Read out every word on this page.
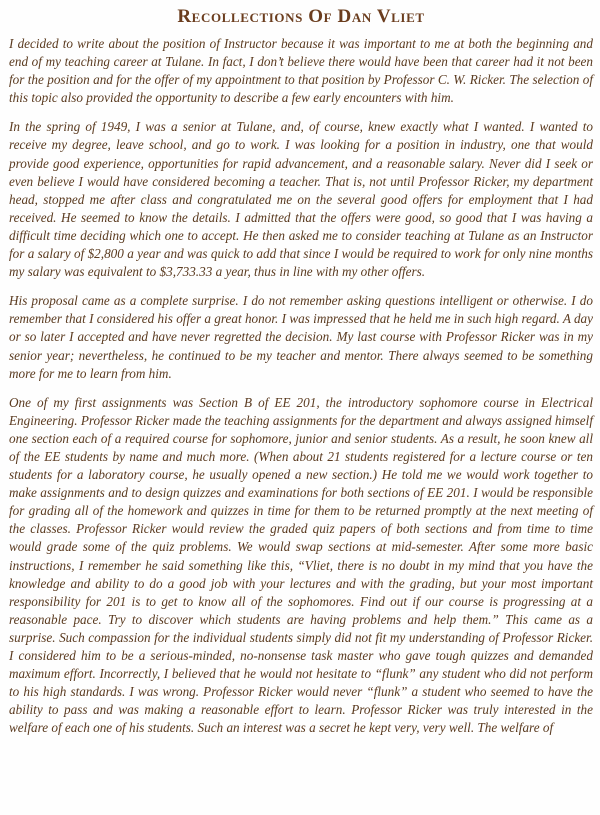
Recollections Of Dan Vliet

I decided to write about the position of Instructor because it was important to me at both the beginning and end of my teaching career at Tulane. In fact, I don’t believe there would have been that career had it not been for the position and for the offer of my appointment to that position by Professor C. W. Ricker. The selection of this topic also provided the opportunity to describe a few early encounters with him.

In the spring of 1949, I was a senior at Tulane, and, of course, knew exactly what I wanted. I wanted to receive my degree, leave school, and go to work. I was looking for a position in industry, one that would provide good experience, opportunities for rapid advancement, and a reasonable salary. Never did I seek or even believe I would have considered becoming a teacher. That is, not until Professor Ricker, my department head, stopped me after class and congratulated me on the several good offers for employment that I had received. He seemed to know the details. I admitted that the offers were good, so good that I was having a difficult time deciding which one to accept. He then asked me to consider teaching at Tulane as an Instructor for a salary of $2,800 a year and was quick to add that since I would be required to work for only nine months my salary was equivalent to $3,733.33 a year, thus in line with my other offers.

His proposal came as a complete surprise. I do not remember asking questions intelligent or otherwise. I do remember that I considered his offer a great honor. I was impressed that he held me in such high regard. A day or so later I accepted and have never regretted the decision. My last course with Professor Ricker was in my senior year; nevertheless, he continued to be my teacher and mentor. There always seemed to be something more for me to learn from him.

One of my first assignments was Section B of EE 201, the introductory sophomore course in Electrical Engineering. Professor Ricker made the teaching assignments for the department and always assigned himself one section each of a required course for sophomore, junior and senior students. As a result, he soon knew all of the EE students by name and much more. (When about 21 students registered for a lecture course or ten students for a laboratory course, he usually opened a new section.) He told me we would work together to make assignments and to design quizzes and examinations for both sections of EE 201. I would be responsible for grading all of the homework and quizzes in time for them to be returned promptly at the next meeting of the classes. Professor Ricker would review the graded quiz papers of both sections and from time to time would grade some of the quiz problems. We would swap sections at mid-semester. After some more basic instructions, I remember he said something like this, “Vliet, there is no doubt in my mind that you have the knowledge and ability to do a good job with your lectures and with the grading, but your most important responsibility for 201 is to get to know all of the sophomores. Find out if our course is progressing at a reasonable pace. Try to discover which students are having problems and help them.” This came as a surprise. Such compassion for the individual students simply did not fit my understanding of Professor Ricker. I considered him to be a serious-minded, no-nonsense task master who gave tough quizzes and demanded maximum effort. Incorrectly, I believed that he would not hesitate to “flunk” any student who did not perform to his high standards. I was wrong. Professor Ricker would never “flunk” a student who seemed to have the ability to pass and was making a reasonable effort to learn. Professor Ricker was truly interested in the welfare of each one of his students. Such an interest was a secret he kept very, very well. The welfare of
